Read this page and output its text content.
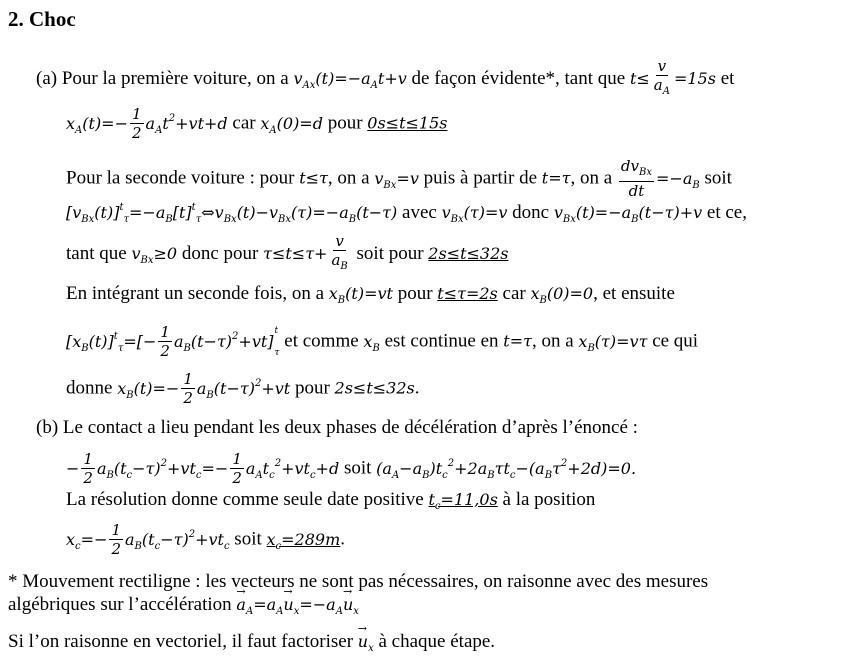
2. Choc
(a) Pour la première voiture, on a $v_{Ax}(t)=-a_At+v$ de façon évidente*, tant que $t\le \frac{v}{a_A} =15s$ et
$x_A(t)=- \frac{1}{2} a_At^2+vt+d$ car $x_A(0)=d$ pour 0s≤t≤15s
Pour la seconde voiture : pour t≤τ, on a $v_{Bx}=v$ puis à partir de t=τ, on a $\frac{dv_{Bx}}{dt} =-a_B$ soit
$[v_{Bx}(t)]^t_\tau=-a_B[t]^t_\tau\Leftrightarrow v_{Bx}(t)-v_{Bx}(\tau)=-a_B(t-\tau)$ avec $v_{Bx}(\tau)=v$ donc $v_{Bx}(t)=-a_B(t-\tau)+v$ et ce,
tant que $v_{Bx}\ge 0$ donc pour $\tau\le t\le\tau+ \frac{v}{a_B}$ soit pour 2s≤t≤32s
En intégrant un seconde fois, on a $x_B(t)=vt$ pour t≤τ=2s car $x_B(0)=0$, et ensuite
$[x_B(t)]^t_\tau=[- \frac{1}{2} a_B(t-\tau)^2+vt]$
t
τ
et comme $x_B$ est continue en t=τ, on a $x_B(\tau)=v\tau$ ce qui
donne $x_B(t)=- \frac{1}{2} a_B(t-\tau)^2+vt$ pour 2s≤t≤32s.
(b) Le contact a lieu pendant les deux phases de décélération d’après l’énoncé :
− $\frac{1}{2} a_B(t_c-\tau)^2+vt_c=- \frac{1}{2} a_At_c^2+vt_c+d$ soit $(a_A-a_B)t_c^2+2a_B\tau t_c-(a_B\tau^2+2d)=0$.
La résolution donne comme seule date positive $t_c=11,0s$ à la position
$x_c=- \frac{1}{2} a_B(t_c-\tau)^2+vt_c$ soit $x_c=289m$.
* Mouvement rectiligne : les vecteurs ne sont pas nécessaires, on raisonne avec des mesures
algébriques sur l’accélération → $a_A=a_A\to u_x=-a_A\to u_x$
Si l’on raisonne en vectoriel, il faut factoriser → $u_x$ à chaque étape.
